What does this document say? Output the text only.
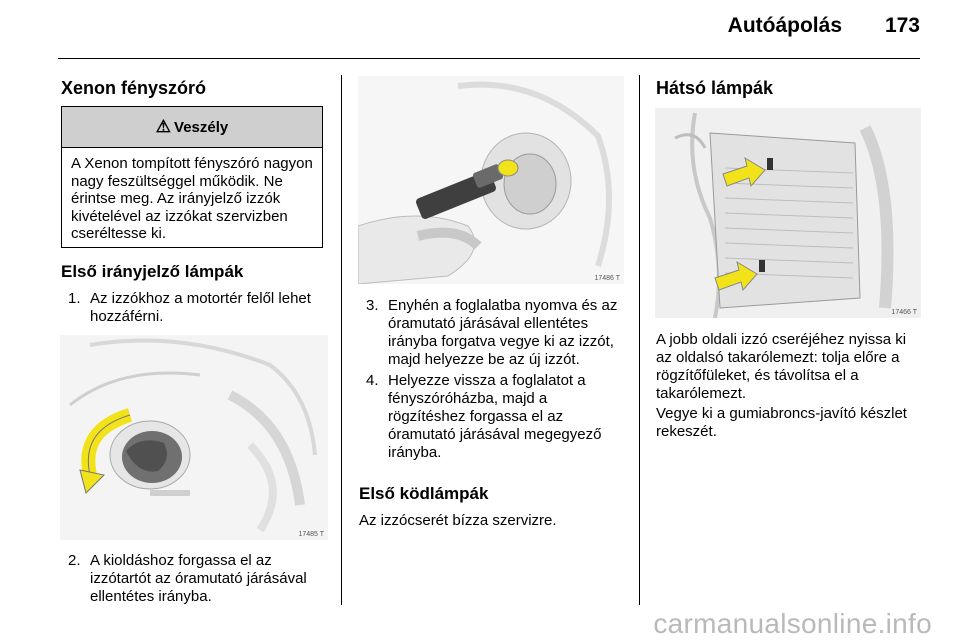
Autóápolás 173
Xenon fényszóró
⚠ Veszély
A Xenon tompított fényszóró nagyon nagy feszültséggel működik. Ne érintse meg. Az irányjelző izzók kivételével az izzókat szervizben cseréltesse ki.
Első irányjelző lámpák
1. Az izzókhoz a motortér felől lehet hozzáférni.
17485 T
2. A kioldáshoz forgassa el az izzótartót az óramutató járásával ellentétes irányba.
17486 T
3. Enyhén a foglalatba nyomva és az óramutató járásával ellentétes irányba forgatva vegye ki az izzót, majd helyezze be az új izzót.
4. Helyezze vissza a foglalatot a fényszóróházba, majd a rögzítéshez forgassa el az óramutató járásával megegyező irányba.
Első ködlámpák
Az izzócserét bízza szervizre.
Hátsó lámpák
17466 T
A jobb oldali izzó cseréjéhez nyissa ki az oldalsó takarólemezt: tolja előre a rögzítőfüleket, és távolítsa el a takarólemezt.
Vegye ki a gumiabroncs-javító készlet rekeszét.
carmanualsonline.info
